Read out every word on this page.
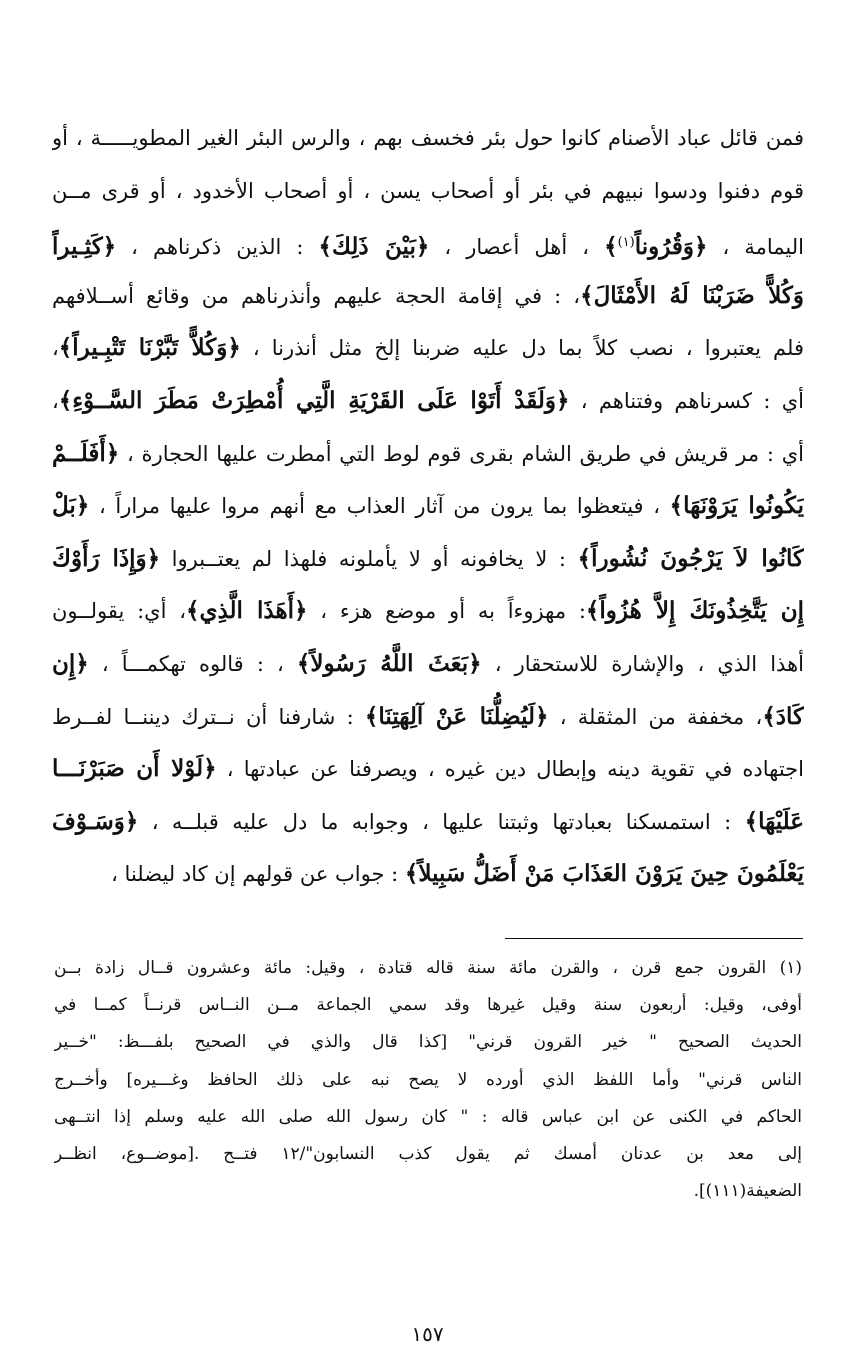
فمن قائل عباد الأصنام كانوا حول بئر فخسف بهم ، والرس البئر الغير المطويـــــة ، أو
قوم دفنوا ودسوا نبيهم في بئر أو أصحاب يسن ، أو أصحاب الأخدود ، أو قرى مــن
اليمامة ، ﴿وَقُرُوناً$^{(١)}$﴾ ، أهل أعصار ، ﴿بَيْنَ ذَلِكَ﴾ : الذين ذكرناهم ، ﴿كَثِـيراً
وَكُلاًّ ضَرَبْنَا لَهُ الأَمْثَالَ﴾، : في إقامة الحجة عليهم وأنذرناهم من وقائع أســلافهم
فلم يعتبروا ، نصب كلاً بما دل عليه ضربنا إلخ مثل أنذرنا ، ﴿وَكُلاًّ تَبَّرْنَا تَتْبِـيراً﴾،
أي : كسرناهم وفتناهم ، ﴿وَلَقَدْ أَتَوْا عَلَى القَرْيَةِ الَّتِي أُمْطِرَتْ مَطَرَ السَّــوْءِ﴾،
أي : مر قريش في طريق الشام بقرى قوم لوط التي أمطرت عليها الحجارة ، ﴿أَفَلَــمْ
يَكُونُوا يَرَوْنَهَا﴾ ، فيتعظوا بما يرون من آثار العذاب مع أنهم مروا عليها مراراً ، ﴿بَلْ
كَانُوا لاَ يَرْجُونَ نُشُوراً﴾ : لا يخافونه أو لا يأملونه فلهذا لم يعتــبروا ﴿وَإِذَا رَأَوْكَ
إِن يَتَّخِذُونَكَ إِلاَّ هُزُواً﴾: مهزوءاً به أو موضع هزء ، ﴿أَهَذَا الَّذِي﴾، أي: يقولــون
أهذا الذي ، والإشارة للاستحقار ، ﴿بَعَثَ اللَّهُ رَسُولاً﴾ ، : قالوه تهكمـــاً ، ﴿إِن
كَادَ﴾، مخففة من المثقلة ، ﴿لَيُضِلُّنَا عَنْ آلِهَتِنَا﴾ : شارفنا أن نــترك ديننــا لفــرط
اجتهاده في تقوية دينه وإبطال دين غيره ، ويصرفنا عن عبادتها ، ﴿لَوْلا أَن صَبَرْنَـــا
عَلَيْهَا﴾ : استمسكنا بعبادتها وثبتنا عليها ، وجوابه ما دل عليه قبلــه ، ﴿وَسَـوْفَ
يَعْلَمُونَ حِينَ يَرَوْنَ العَذَابَ مَنْ أَضَلُّ سَبِيلاً﴾ : جواب عن قولهم إن كاد ليضلنا ،
(١) القرون جمع قرن ، والقرن مائة سنة قاله قتادة ، وقيل: مائة وعشرون قــال زادة بــن
أوفى، وقيل: أربعون سنة وقيل غيرها وقد سمي الجماعة مــن النــاس قرنــاً كمــا في
الحديث الصحيح " خير القرون قرني" [كذا قال والذي في الصحيح بلفـــظ: "خــير
الناس قرني" وأما اللفظ الذي أورده لا يصح نبه على ذلك الحافظ وغـــيره] وأخــرج
الحاكم في الكنى عن ابن عباس قاله : " كان رسول الله صلى الله عليه وسلم إذا انتــهى
إلى معد بن عدنان أمسك ثم يقول كذب النسابون"/١٢ فتــح .[موضــوع، انظــر
الضعيفة(١١١)].
١٥٧
